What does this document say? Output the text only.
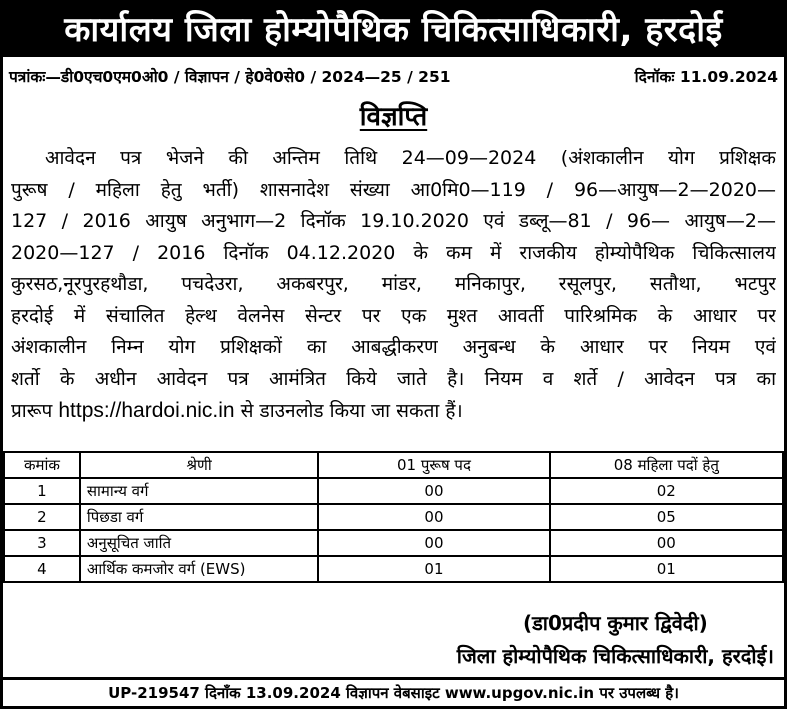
कार्यालय जिला होम्योपैथिक चिकित्साधिकारी, हरदोई
पत्रांकः—डी0एच0एम0ओ0 / विज्ञापन / हे0वे0से0 / 2024—25 / 251	दिनॉकः 11.09.2024
विज्ञप्ति
आवेदन पत्र भेजने की अन्तिम तिथि 24—09—2024 (अंशकालीन योग प्रशिक्षक
पुरूष / महिला हेतु भर्ती) शासनादेश संख्या आ0मि0—119 / 96—आयुष—2—2020—
127 / 2016 आयुष अनुभाग—2 दिनॉक 19.10.2020 एवं डब्लू—81 / 96— आयुष—2—
2020—127 / 2016 दिनॉक 04.12.2020 के कम में राजकीय होम्योपैथिक चिकित्सालय
कुरसठ,नूरपुरहथौडा, पचदेउरा, अकबरपुर, मांडर, मनिकापुर, रसूलपुर, सतौथा, भटपुर
हरदोई में संचालित हेल्थ वेलनेस सेन्टर पर एक मुश्त आवर्ती पारिश्रमिक के आधार पर
अंशकालीन निम्न योग प्रशिक्षकों का आबद्धीकरण अनुबन्ध के आधार पर नियम एवं
शर्तो के अधीन आवेदन पत्र आमंत्रित किये जाते है। नियम व शर्ते / आवेदन पत्र का
प्रारूप https://hardoi.nic.in से डाउनलोड किया जा सकता हैं।
कमांक	श्रेणी	01 पुरूष पद	08 महिला पदों हेतु
1	सामान्य वर्ग	00	02
2	पिछडा वर्ग	00	05
3	अनुसूचित जाति	00	00
4	आर्थिक कमजोर वर्ग (EWS)	01	01
(डा0प्रदीप कुमार द्विवेदी)
जिला होम्योपैथिक चिकित्साधिकारी, हरदोई।
UP-219547 दिनॉंक 13.09.2024 विज्ञापन वेबसाइट www.upgov.nic.in पर उपलब्ध है।
